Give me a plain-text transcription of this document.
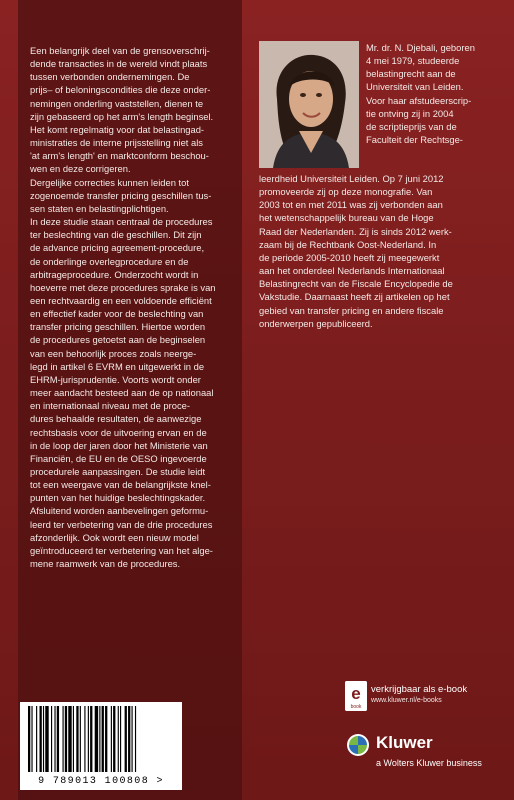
Een belangrijk deel van de grensoverschrij-
dende transacties in de wereld vindt plaats
tussen verbonden ondernemingen. De
prijs– of beloningscondities die deze onder-
nemingen onderling vaststellen, dienen te
zijn gebaseerd op het arm's length beginsel.
Het komt regelmatig voor dat belastingad-
ministraties de interne prijsstelling niet als
'at arm's length' en marktconform beschou-
wen en deze corrigeren.
Dergelijke correcties kunnen leiden tot
zogenoemde transfer pricing geschillen tus-
sen staten en belastingplichtigen.
In deze studie staan centraal de procedures
ter beslechting van die geschillen. Dit zijn
de advance pricing agreement-procedure,
de onderlinge overlegprocedure en de
arbitrageprocedure. Onderzocht wordt in
hoeverre met deze procedures sprake is van
een rechtvaardig en een voldoende efficiënt
en effectief kader voor de beslechting van
transfer pricing geschillen. Hiertoe worden
de procedures getoetst aan de beginselen
van een behoorlijk proces zoals neerge-
legd in artikel 6 EVRM en uitgewerkt in de
EHRM-jurisprudentie. Voorts wordt onder
meer aandacht besteed aan de op nationaal
en internationaal niveau met de proce-
dures behaalde resultaten, de aanwezige
rechtsbasis voor de uitvoering ervan en de
in de loop der jaren door het Ministerie van
Financiën, de EU en de OESO ingevoerde
procedurele aanpassingen. De studie leidt
tot een weergave van de belangrijkste knel-
punten van het huidige beslechtingskader.
Afsluitend worden aanbevelingen geformu-
leerd ter verbetering van de drie procedures
afzonderlijk. Ook wordt een nieuw model
geïntroduceerd ter verbetering van het alge-
mene raamwerk van de procedures.
Mr. dr. N. Djebali, geboren
4 mei 1979, studeerde
belastingrecht aan de
Universiteit van Leiden.
Voor haar afstudeerscrip-
tie ontving zij in 2004
de scriptieprijs van de
Faculteit der Rechtsge-
leerdheid Universiteit Leiden. Op 7 juni 2012
promoveerde zij op deze monografie. Van
2003 tot en met 2011 was zij verbonden aan
het wetenschappelijk bureau van de Hoge
Raad der Nederlanden. Zij is sinds 2012 werk-
zaam bij de Rechtbank Oost-Nederland. In
de periode 2005-2010 heeft zij meegewerkt
aan het onderdeel Nederlands Internationaal
Belastingrecht van de Fiscale Encyclopedie de
Vakstudie. Daarnaast heeft zij artikelen op het
gebied van transfer pricing en andere fiscale
onderwerpen gepubliceerd.
e
book
verkrijgbaar als e-book
www.kluwer.nl/e-books
Kluwer
a Wolters Kluwer business
9 789013 100808 >
